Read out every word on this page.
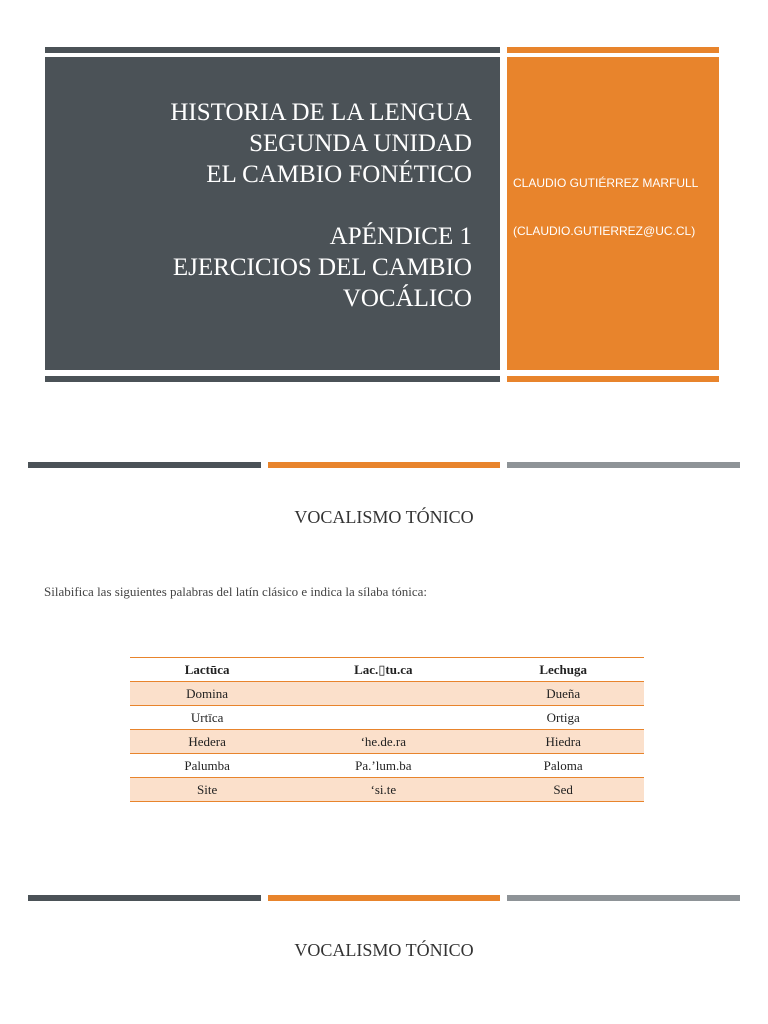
HISTORIA DE LA LENGUA
SEGUNDA UNIDAD
EL CAMBIO FONÉTICO

APÉNDICE 1
EJERCICIOS DEL CAMBIO
VOCÁLICO
CLAUDIO GUTIÉRREZ MARFULL
(CLAUDIO.GUTIERREZ@UC.CL)
VOCALISMO TÓNICO
Silabifica las siguientes palabras del latín clásico e indica la sílaba tónica:
Lactūca	Lac.▯tu.ca	Lechuga
Domina		Dueña
Urtīca		Ortiga
Hedera	‘he.de.ra	Hiedra
Palumba	Pa.’lum.ba	Paloma
Site	‘si.te	Sed
VOCALISMO TÓNICO
